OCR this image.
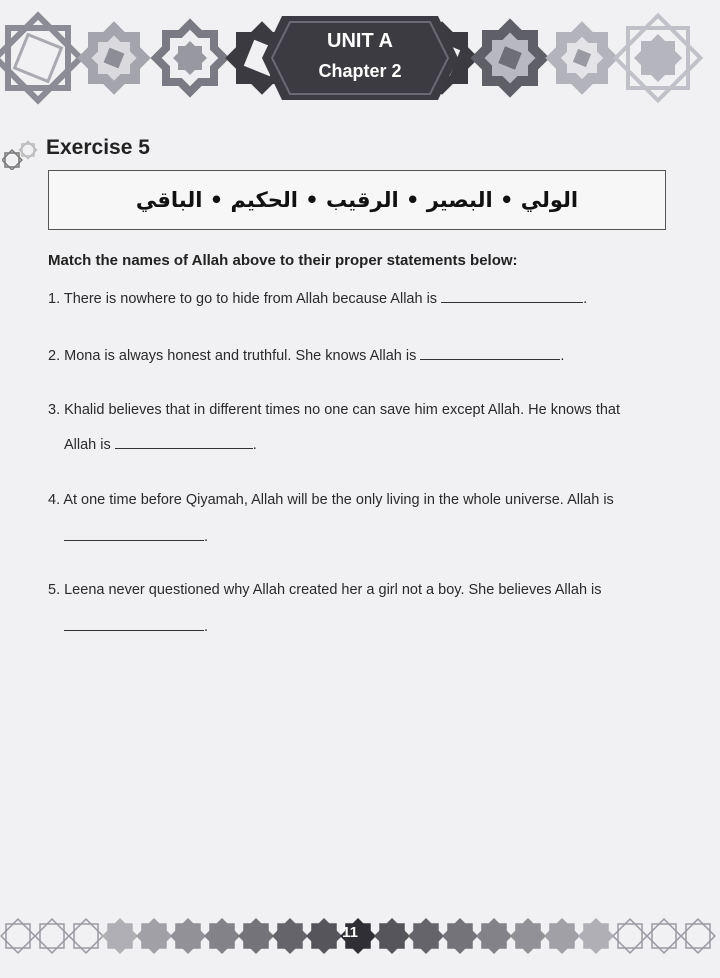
UNIT A
Chapter 2
Exercise 5
الولي • البصير • الرقيب • الحكيم • الباقي
Match the names of Allah above to their proper statements below:
1. There is nowhere to go to hide from Allah because Allah is	.
2. Mona is always honest and truthful. She knows Allah is	.
3. Khalid believes that in different times no one can save him except Allah. He knows that
Allah is	.
4. At one time before Qiyamah, Allah will be the only living in the whole universe. Allah is
.
5. Leena never questioned why Allah created her a girl not a boy. She believes Allah is
.
11
